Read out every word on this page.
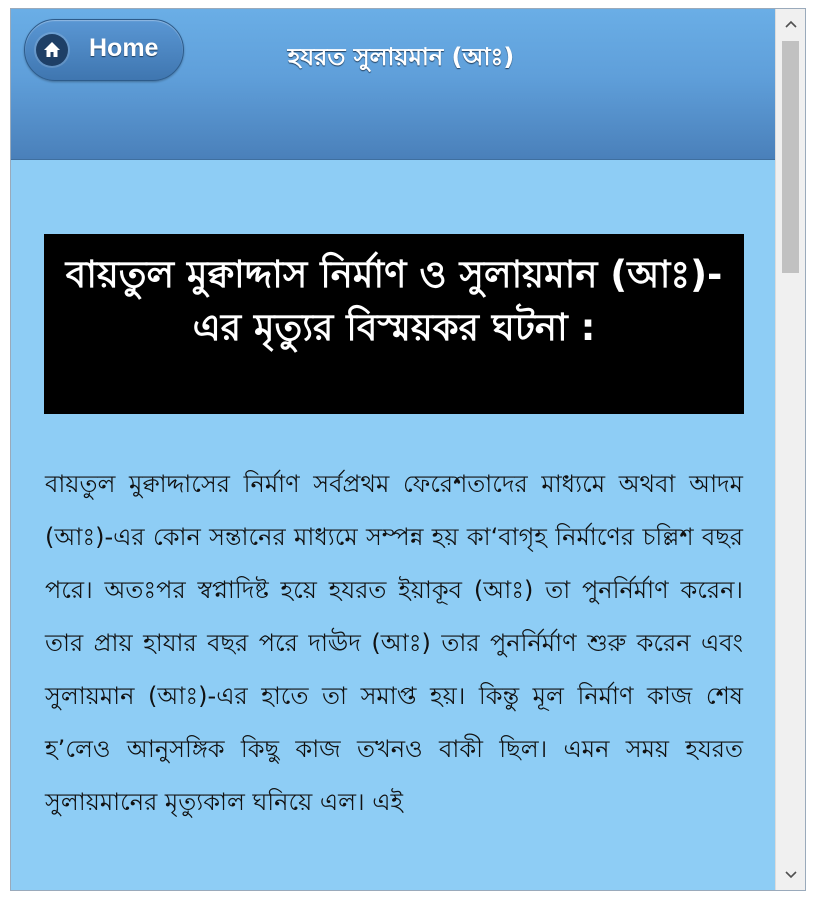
Home	হযরত সুলায়মান (আঃ)
বায়তুল মুক্বাদ্দাস নির্মাণ ও সুলায়মান (আঃ)-এর মৃত্যুর বিস্ময়কর ঘটনা :

বায়তুল মুক্বাদ্দাসের নির্মাণ সর্বপ্রথম ফেরেশতাদের মাধ্যমে অথবা আদম (আঃ)-এর কোন সন্তানের মাধ্যমে সম্পন্ন হয় কা‘বাগৃহ নির্মাণের চল্লিশ বছর পরে। অতঃপর স্বপ্নাদিষ্ট হয়ে হযরত ইয়াকূব (আঃ) তা পুনর্নির্মাণ করেন। তার প্রায় হাযার বছর পরে দাঊদ (আঃ) তার পুনর্নির্মাণ শুরু করেন এবং সুলায়মান (আঃ)-এর হাতে তা সমাপ্ত হয়। কিন্তু মূল নির্মাণ কাজ শেষ হ’লেও আনুসঙ্গিক কিছু কাজ তখনও বাকী ছিল। এমন সময় হযরত সুলায়মানের মৃত্যুকাল ঘনিয়ে এল। এই
